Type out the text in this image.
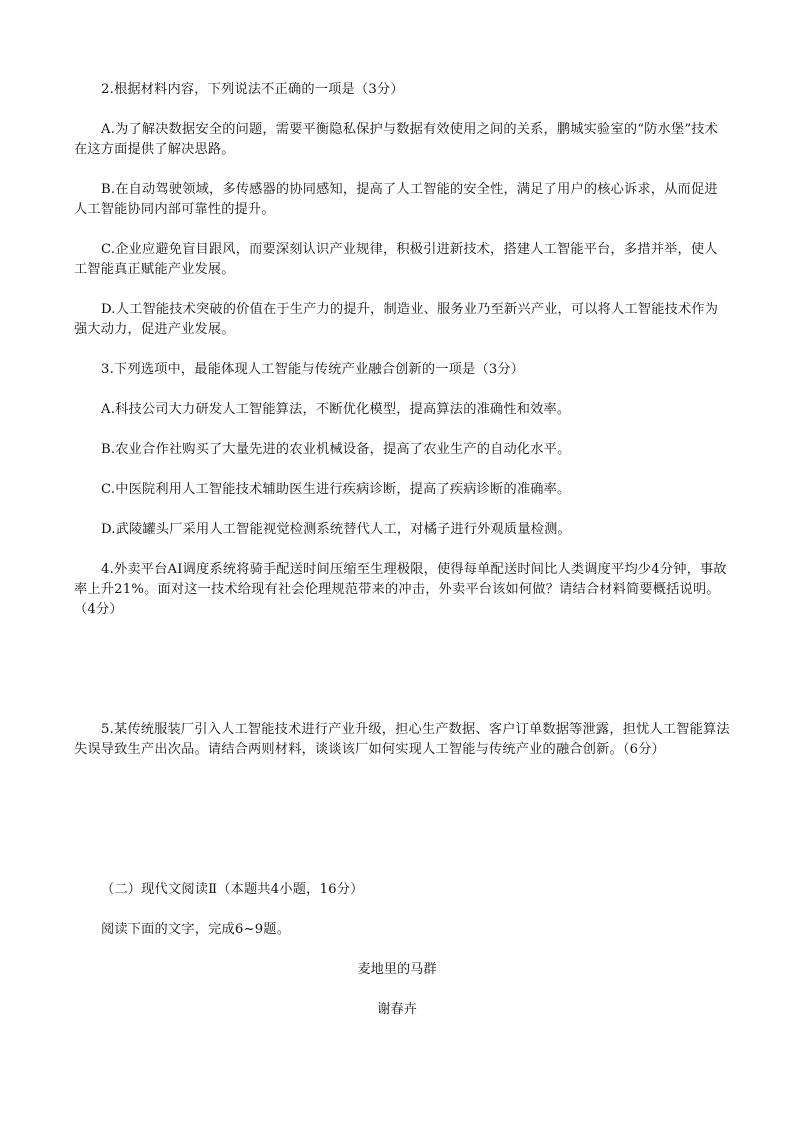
2.根据材料内容，下列说法不正确的一项是（3分）
A.为了解决数据安全的问题，需要平衡隐私保护与数据有效使用之间的关系，鹏城实验室的“防水堡”技术在这方面提供了解决思路。
B.在自动驾驶领域，多传感器的协同感知，提高了人工智能的安全性，满足了用户的核心诉求，从而促进人工智能协同内部可靠性的提升。
C.企业应避免盲目跟风，而要深刻认识产业规律，积极引进新技术，搭建人工智能平台，多措并举，使人工智能真正赋能产业发展。
D.人工智能技术突破的价值在于生产力的提升，制造业、服务业乃至新兴产业，可以将人工智能技术作为强大动力，促进产业发展。
3.下列选项中，最能体现人工智能与传统产业融合创新的一项是（3分）
A.科技公司大力研发人工智能算法，不断优化模型，提高算法的准确性和效率。
B.农业合作社购买了大量先进的农业机械设备，提高了农业生产的自动化水平。
C.中医院利用人工智能技术辅助医生进行疾病诊断，提高了疾病诊断的准确率。
D.武陵罐头厂采用人工智能视觉检测系统替代人工，对橘子进行外观质量检测。
4.外卖平台AI调度系统将骑手配送时间压缩至生理极限，使得每单配送时间比人类调度平均少4分钟，事故率上升21%。面对这一技术给现有社会伦理规范带来的冲击，外卖平台该如何做？请结合材料简要概括说明。（4分）
5.某传统服装厂引入人工智能技术进行产业升级，担心生产数据、客户订单数据等泄露，担忧人工智能算法失误导致生产出次品。请结合两则材料，谈谈该厂如何实现人工智能与传统产业的融合创新。（6分）
（二）现代文阅读Ⅱ（本题共4小题，16分）
阅读下面的文字，完成6~9题。
麦地里的马群
谢春卉
